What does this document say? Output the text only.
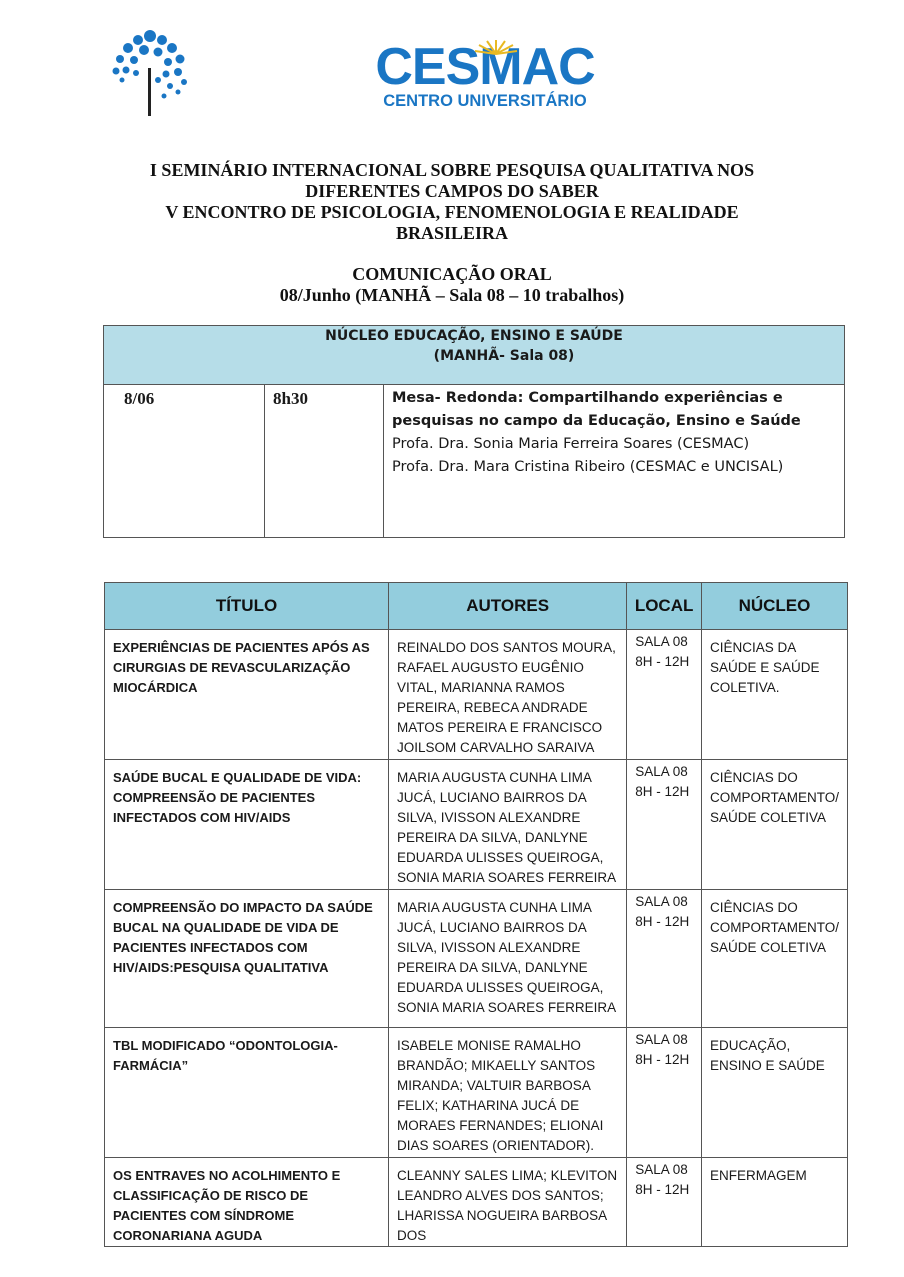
CESMAC
CENTRO UNIVERSITÁRIO
I SEMINÁRIO INTERNACIONAL SOBRE PESQUISA QUALITATIVA NOS
DIFERENTES CAMPOS DO SABER
V ENCONTRO DE PSICOLOGIA, FENOMENOLOGIA E REALIDADE
BRASILEIRA
COMUNICAÇÃO ORAL
08/Junho (MANHÃ – Sala 08 – 10 trabalhos)
NÚCLEO EDUCAÇÃO, ENSINO E SAÚDE
(MANHÃ- Sala 08)

8/06	8h30	Mesa- Redonda: Compartilhando experiências e pesquisas no campo da Educação, Ensino e Saúde
Profa. Dra. Sonia Maria Ferreira Soares (CESMAC)
Profa. Dra. Mara Cristina Ribeiro (CESMAC e UNCISAL)
TÍTULO	AUTORES	LOCAL	NÚCLEO
EXPERIÊNCIAS DE PACIENTES APÓS AS CIRURGIAS DE REVASCULARIZAÇÃO MIOCÁRDICA	REINALDO DOS SANTOS MOURA, RAFAEL AUGUSTO EUGÊNIO VITAL, MARIANNA RAMOS PEREIRA, REBECA ANDRADE MATOS PEREIRA E FRANCISCO JOILSOM CARVALHO SARAIVA	SALA 08 8H - 12H	CIÊNCIAS DA SAÚDE E SAÚDE COLETIVA.
SAÚDE BUCAL E QUALIDADE DE VIDA: COMPREENSÃO DE PACIENTES INFECTADOS COM HIV/AIDS	MARIA AUGUSTA CUNHA LIMA JUCÁ, LUCIANO BAIRROS DA SILVA, IVISSON ALEXANDRE PEREIRA DA SILVA, DANLYNE EDUARDA ULISSES QUEIROGA, SONIA MARIA SOARES FERREIRA	SALA 08 8H - 12H	CIÊNCIAS DO COMPORTAMENTO/ SAÚDE COLETIVA
COMPREENSÃO DO IMPACTO DA SAÚDE BUCAL NA QUALIDADE DE VIDA DE PACIENTES INFECTADOS COM HIV/AIDS:PESQUISA QUALITATIVA	MARIA AUGUSTA CUNHA LIMA JUCÁ, LUCIANO BAIRROS DA SILVA, IVISSON ALEXANDRE PEREIRA DA SILVA, DANLYNE EDUARDA ULISSES QUEIROGA, SONIA MARIA SOARES FERREIRA	SALA 08 8H - 12H	CIÊNCIAS DO COMPORTAMENTO/ SAÚDE COLETIVA
TBL MODIFICADO “ODONTOLOGIA-FARMÁCIA”	ISABELE MONISE RAMALHO BRANDÃO; MIKAELLY SANTOS MIRANDA; VALTUIR BARBOSA FELIX; KATHARINA JUCÁ DE MORAES FERNANDES; ELIONAI DIAS SOARES (ORIENTADOR).	SALA 08 8H - 12H	EDUCAÇÃO, ENSINO E SAÚDE
OS ENTRAVES NO ACOLHIMENTO E CLASSIFICAÇÃO DE RISCO DE PACIENTES COM SÍNDROME CORONARIANA AGUDA	CLEANNY SALES LIMA; KLEVITON LEANDRO ALVES DOS SANTOS; LHARISSA NOGUEIRA BARBOSA DOS	SALA 08 8H - 12H	ENFERMAGEM
